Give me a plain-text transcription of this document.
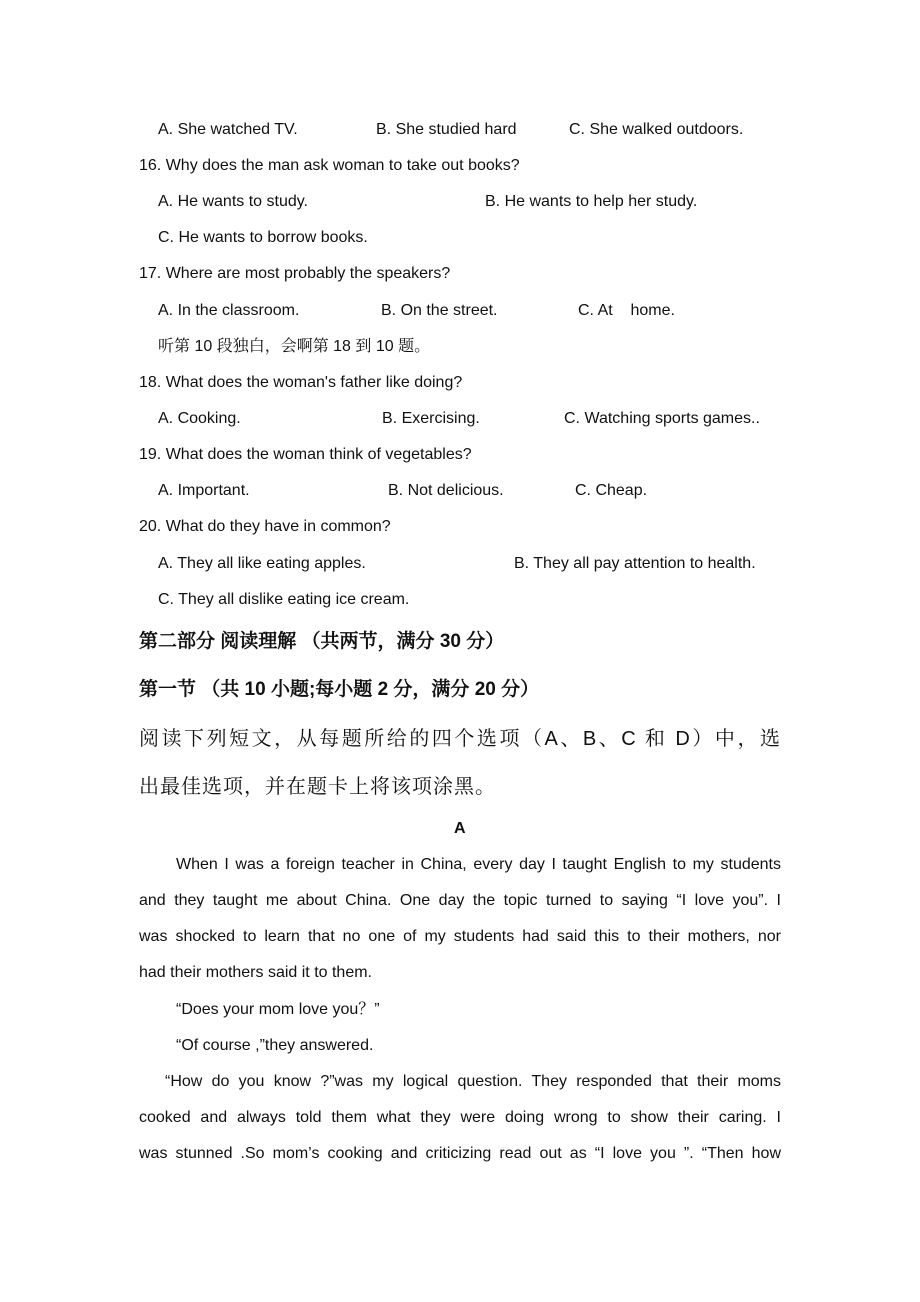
A. She watched TV.	B. She studied hard	C. She walked outdoors.
16. Why does the man ask woman to take out books?
A. He wants to study.	B. He wants to help her study.
C. He wants to borrow books.
17. Where are most probably the speakers?
A. In the classroom.	B. On the street.	C. At    home.
听第 10 段独白，会啊第 18 到 10 题。
18. What does the woman's father like doing?
A. Cooking.	B. Exercising.	C. Watching sports games..
19. What does the woman think of vegetables?
A. Important.	B. Not delicious.	C. Cheap.
20. What do they have in common?
A. They all like eating apples.	B. They all pay attention to health.
C. They all dislike eating ice cream.
第二部分 阅读理解 （共两节，满分 30 分）
第一节 （共 10 小题;每小题 2 分，满分 20 分）
阅读下列短文，从每题所给的四个选项（A、B、C 和 D）中，选
出最佳选项，并在题卡上将该项涂黑。
A
When I was a foreign teacher in China, every day I taught English to my students
and they taught me about China. One day the topic turned to saying “I love you”. I
was shocked to learn that no one of my students had said this to their mothers, nor
had their mothers said it to them.
“Does your mom love you？”
“Of course ,”they answered.
“How do you know ?”was my logical question. They responded that their moms
cooked and always told them what they were doing wrong to show their caring. I
was stunned .So mom’s cooking and criticizing read out as “I love you ”. “Then how
